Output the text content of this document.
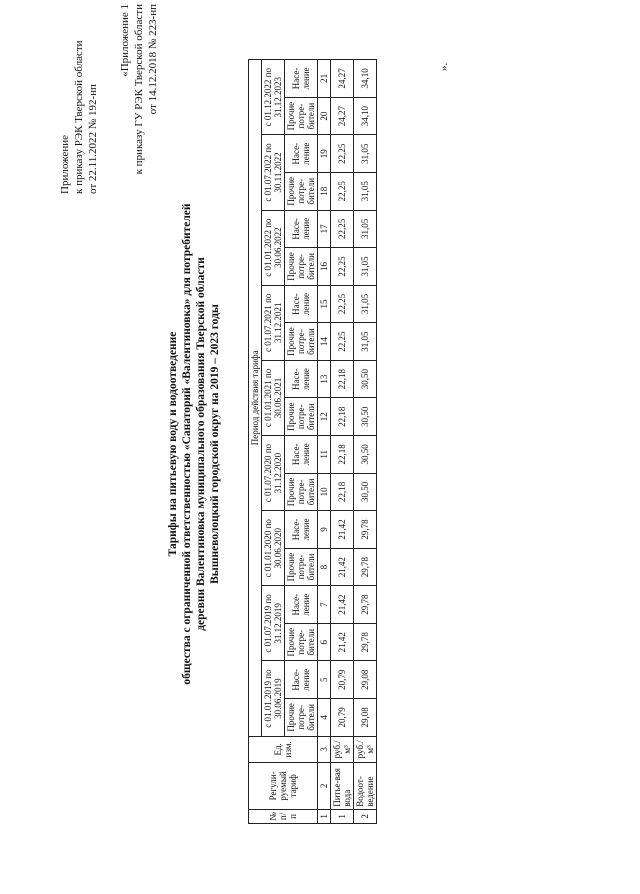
Приложение к приказу РЭК Тверской области от 22.11.2022 № 192-нп
«Приложение 1 к приказу ГУ РЭК Тверской области от 14.12.2018 № 223-нп
Тарифы на питьевую воду и водоотведение общества с ограниченной ответственностью «Санаторий «Валентиновка» для потребителей деревни Валентиновка муниципального образования Тверской области Вышневолоцкий городской округ на 2019 – 2023 годы
№ п/п	Регули-руемый тариф	Ед. изм.	Период действия тарифа																	
			с 01.01.2019 по 30.06.2019		с 01.07.2019 по 31.12.2019		с 01.01.2020 по 30.06.2020		с 01.07.2020 по 31.12.2020		с 01.01.2021 по 30.06.2021		с 01.07.2021 по 31.12.2021		с 01.01.2022 по 30.06.2022		с 01.07.2022 по 30.11.2022		с 01.12.2022 по 31.12.2023	
			Прочие потре-бители	Насе-ление	Прочие потре-бители	Насе-ление	Прочие потре-бители	Насе-ление	Прочие потре-бители	Насе-ление	Прочие потре-бители	Насе-ление	Прочие потре-бители	Насе-ление	Прочие потре-бители	Насе-ление	Прочие потре-бители	Насе-ление	Прочие потре-бители	Насе-ление
1	2	3	4	5	6	7	8	9	10	11	12	13	14	15	16	17	18	19	20	21
1	Питье-вая вода	руб./м³	20,79	20,79	21,42	21,42	21,42	21,42	22,18	22,18	22,18	22,18	22,25	22,25	22,25	22,25	22,25	22,25	24,27	24,27
2	Водоот-ведение	руб./м³	29,08	29,08	29,78	29,78	29,78	29,78	30,50	30,50	30,50	30,50	31,05	31,05	31,05	31,05	31,05	31,05	34,10	34,10
».
